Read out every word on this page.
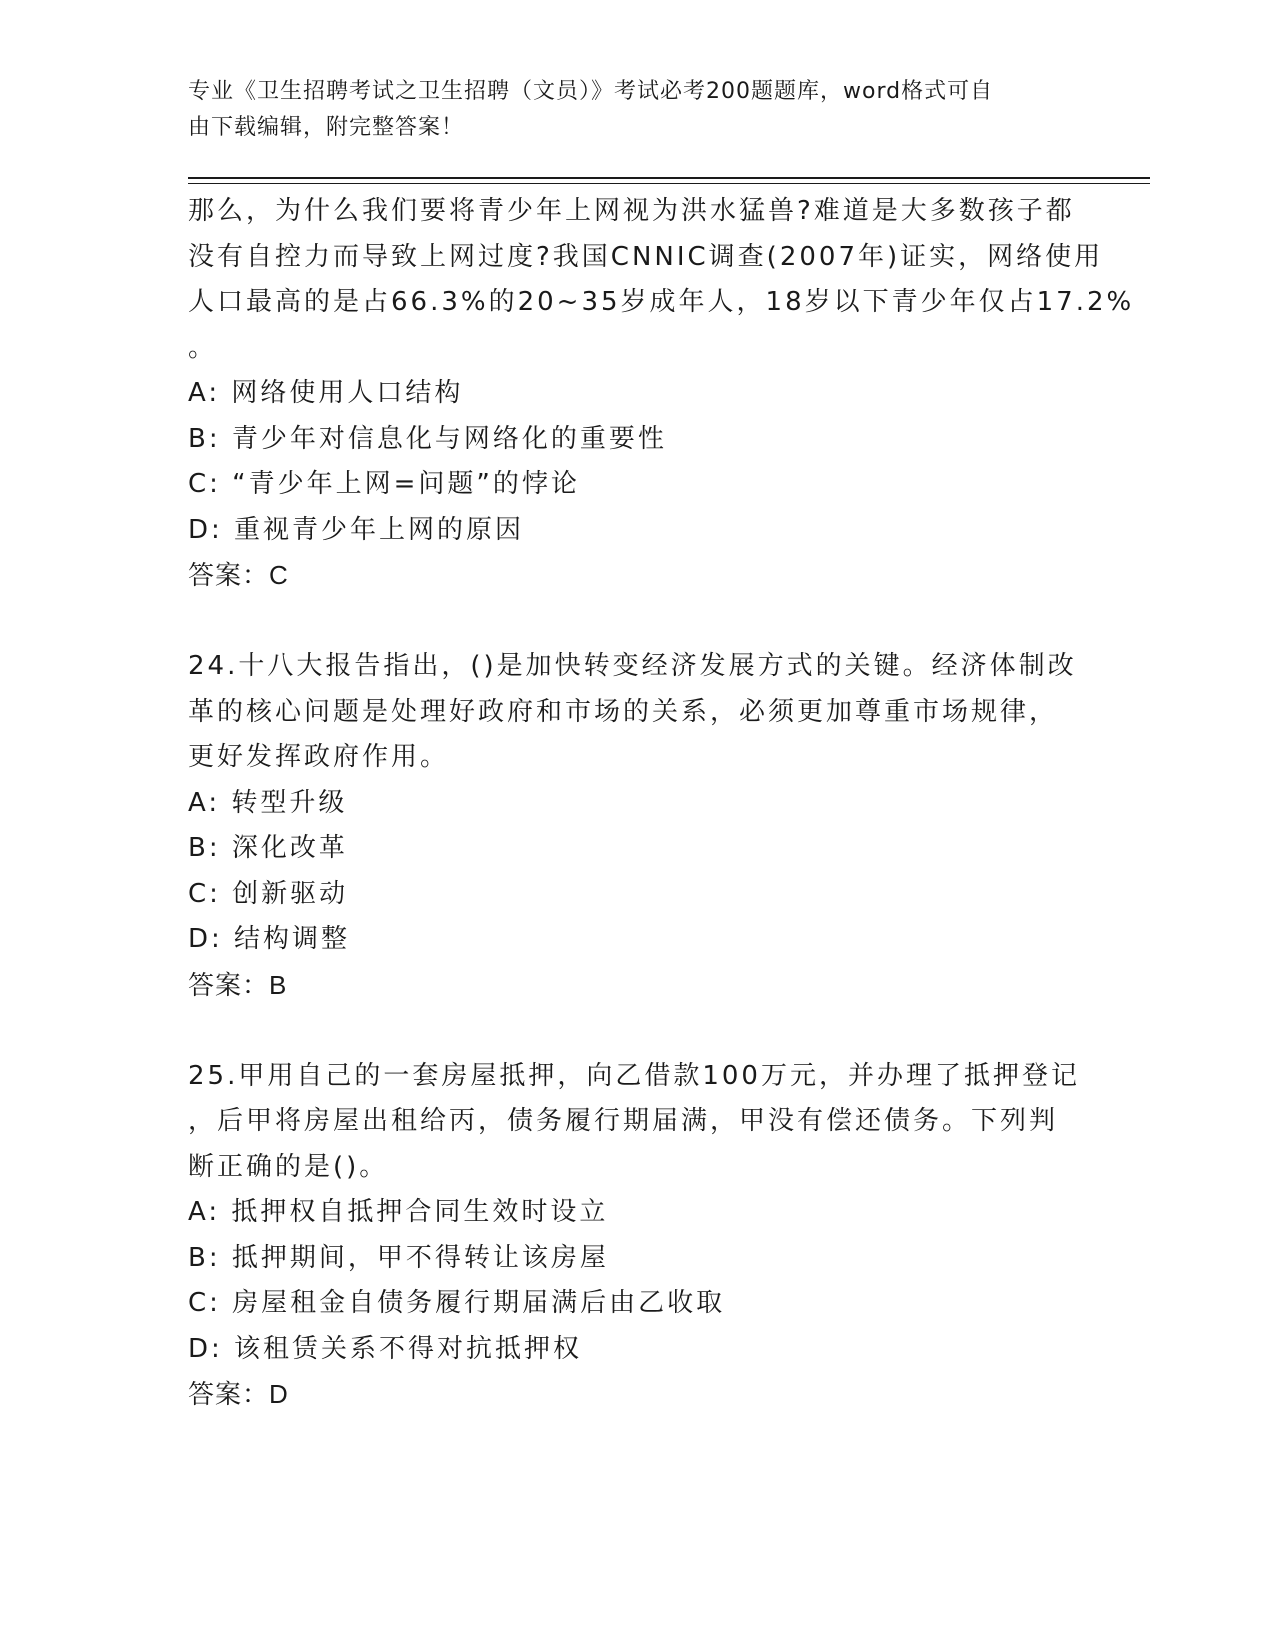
专业《卫生招聘考试之卫生招聘（文员）》考试必考200题题库，word格式可自
由下载编辑，附完整答案！
那么，为什么我们要将青少年上网视为洪水猛兽?难道是大多数孩子都
没有自控力而导致上网过度?我国CNNIC调查(2007年)证实，网络使用
人口最高的是占66.3%的20~35岁成年人，18岁以下青少年仅占17.2%
。
A: 网络使用人口结构
B: 青少年对信息化与网络化的重要性
C: “青少年上网=问题”的悖论
D: 重视青少年上网的原因
答案：C
24.十八大报告指出，()是加快转变经济发展方式的关键。经济体制改
革的核心问题是处理好政府和市场的关系，必须更加尊重市场规律，
更好发挥政府作用。
A: 转型升级
B: 深化改革
C: 创新驱动
D: 结构调整
答案：B
25.甲用自己的一套房屋抵押，向乙借款100万元，并办理了抵押登记
，后甲将房屋出租给丙，债务履行期届满，甲没有偿还债务。下列判
断正确的是()。
A: 抵押权自抵押合同生效时设立
B: 抵押期间，甲不得转让该房屋
C: 房屋租金自债务履行期届满后由乙收取
D: 该租赁关系不得对抗抵押权
答案：D
